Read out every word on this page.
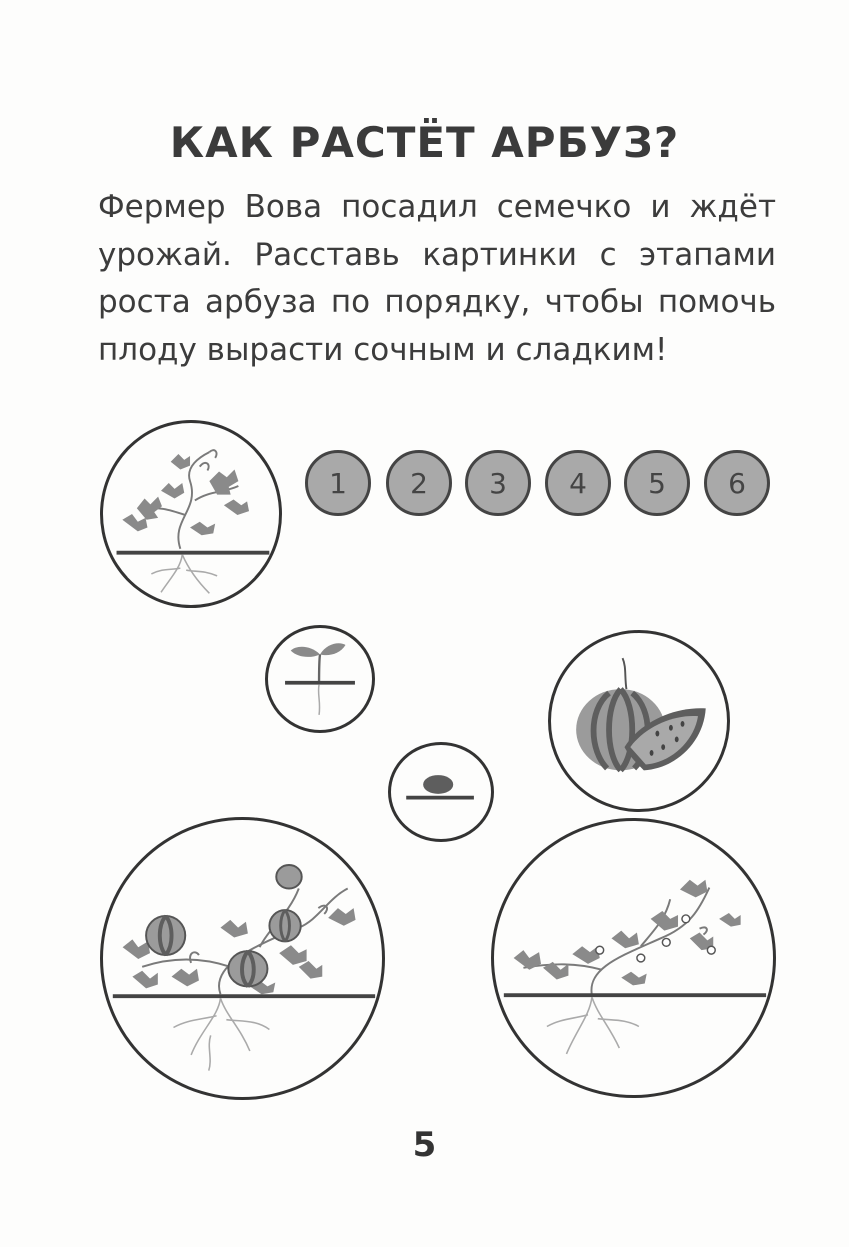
КАК РАСТЁТ АРБУЗ?
Фермер Вова посадил семечко и ждёт урожай. Расставь картинки с этапами роста арбуза по порядку, чтобы помочь плоду вырасти сочным и сладким!
1	2	3	4	5	6
5
